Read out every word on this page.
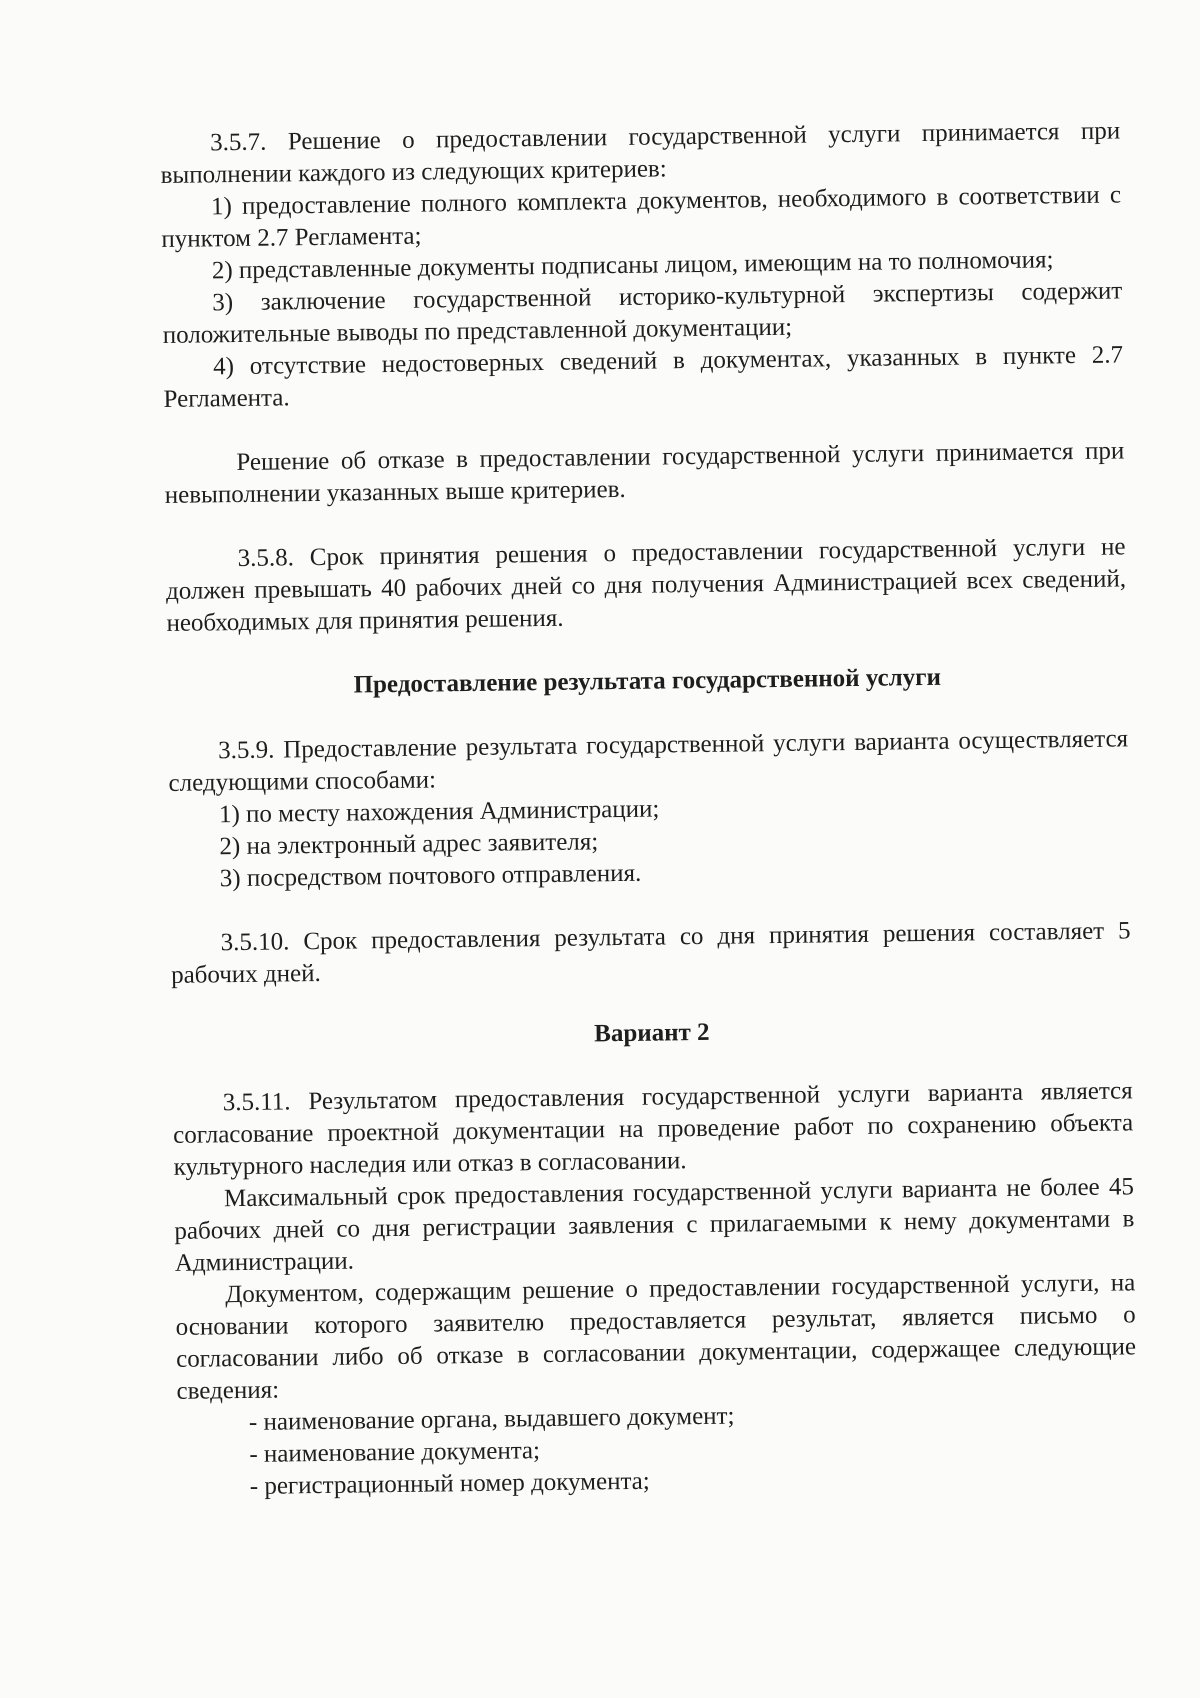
3.5.7. Решение о предоставлении государственной услуги принимается при выполнении каждого из следующих критериев:

1) предоставление полного комплекта документов, необходимого в соответствии с пунктом 2.7 Регламента;

2) представленные документы подписаны лицом, имеющим на то полномочия;

3) заключение государственной историко-культурной экспертизы содержит положительные выводы по представленной документации;

4) отсутствие недостоверных сведений в документах, указанных в пункте 2.7 Регламента.

Решение об отказе в предоставлении государственной услуги принимается при невыполнении указанных выше критериев.

3.5.8. Срок принятия решения о предоставлении государственной услуги не должен превышать 40 рабочих дней со дня получения Администрацией всех сведений, необходимых для принятия решения.

Предоставление результата государственной услуги

3.5.9. Предоставление результата государственной услуги варианта осуществляется следующими способами:

1) по месту нахождения Администрации;

2) на электронный адрес заявителя;

3) посредством почтового отправления.

3.5.10. Срок предоставления результата со дня принятия решения составляет 5 рабочих дней.

Вариант 2

3.5.11. Результатом предоставления государственной услуги варианта является согласование проектной документации на проведение работ по сохранению объекта культурного наследия или отказ в согласовании.

Максимальный срок предоставления государственной услуги варианта не более 45 рабочих дней со дня регистрации заявления с прилагаемыми к нему документами в Администрации.

Документом, содержащим решение о предоставлении государственной услуги, на основании которого заявителю предоставляется результат, является письмо о согласовании либо об отказе в согласовании документации, содержащее следующие сведения:

- наименование органа, выдавшего документ;

- наименование документа;

- регистрационный номер документа;
